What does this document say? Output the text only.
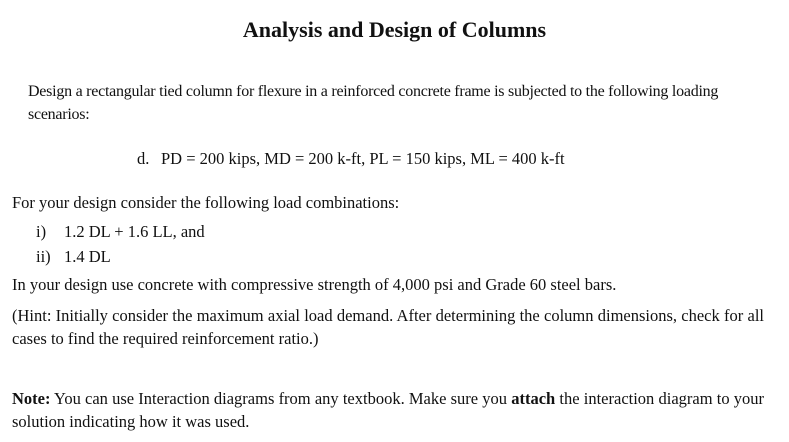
Analysis and Design of Columns
Design a rectangular tied column for flexure in a reinforced concrete frame is subjected to the following loading scenarios:
d. PD = 200 kips, MD = 200 k-ft, PL = 150 kips, ML = 400 k-ft
For your design consider the following load combinations:
i) 1.2 DL + 1.6 LL, and
ii) 1.4 DL
In your design use concrete with compressive strength of 4,000 psi and Grade 60 steel bars.
(Hint: Initially consider the maximum axial load demand. After determining the column dimensions, check for all cases to find the required reinforcement ratio.)
Note: You can use Interaction diagrams from any textbook. Make sure you attach the interaction diagram to your solution indicating how it was used.
